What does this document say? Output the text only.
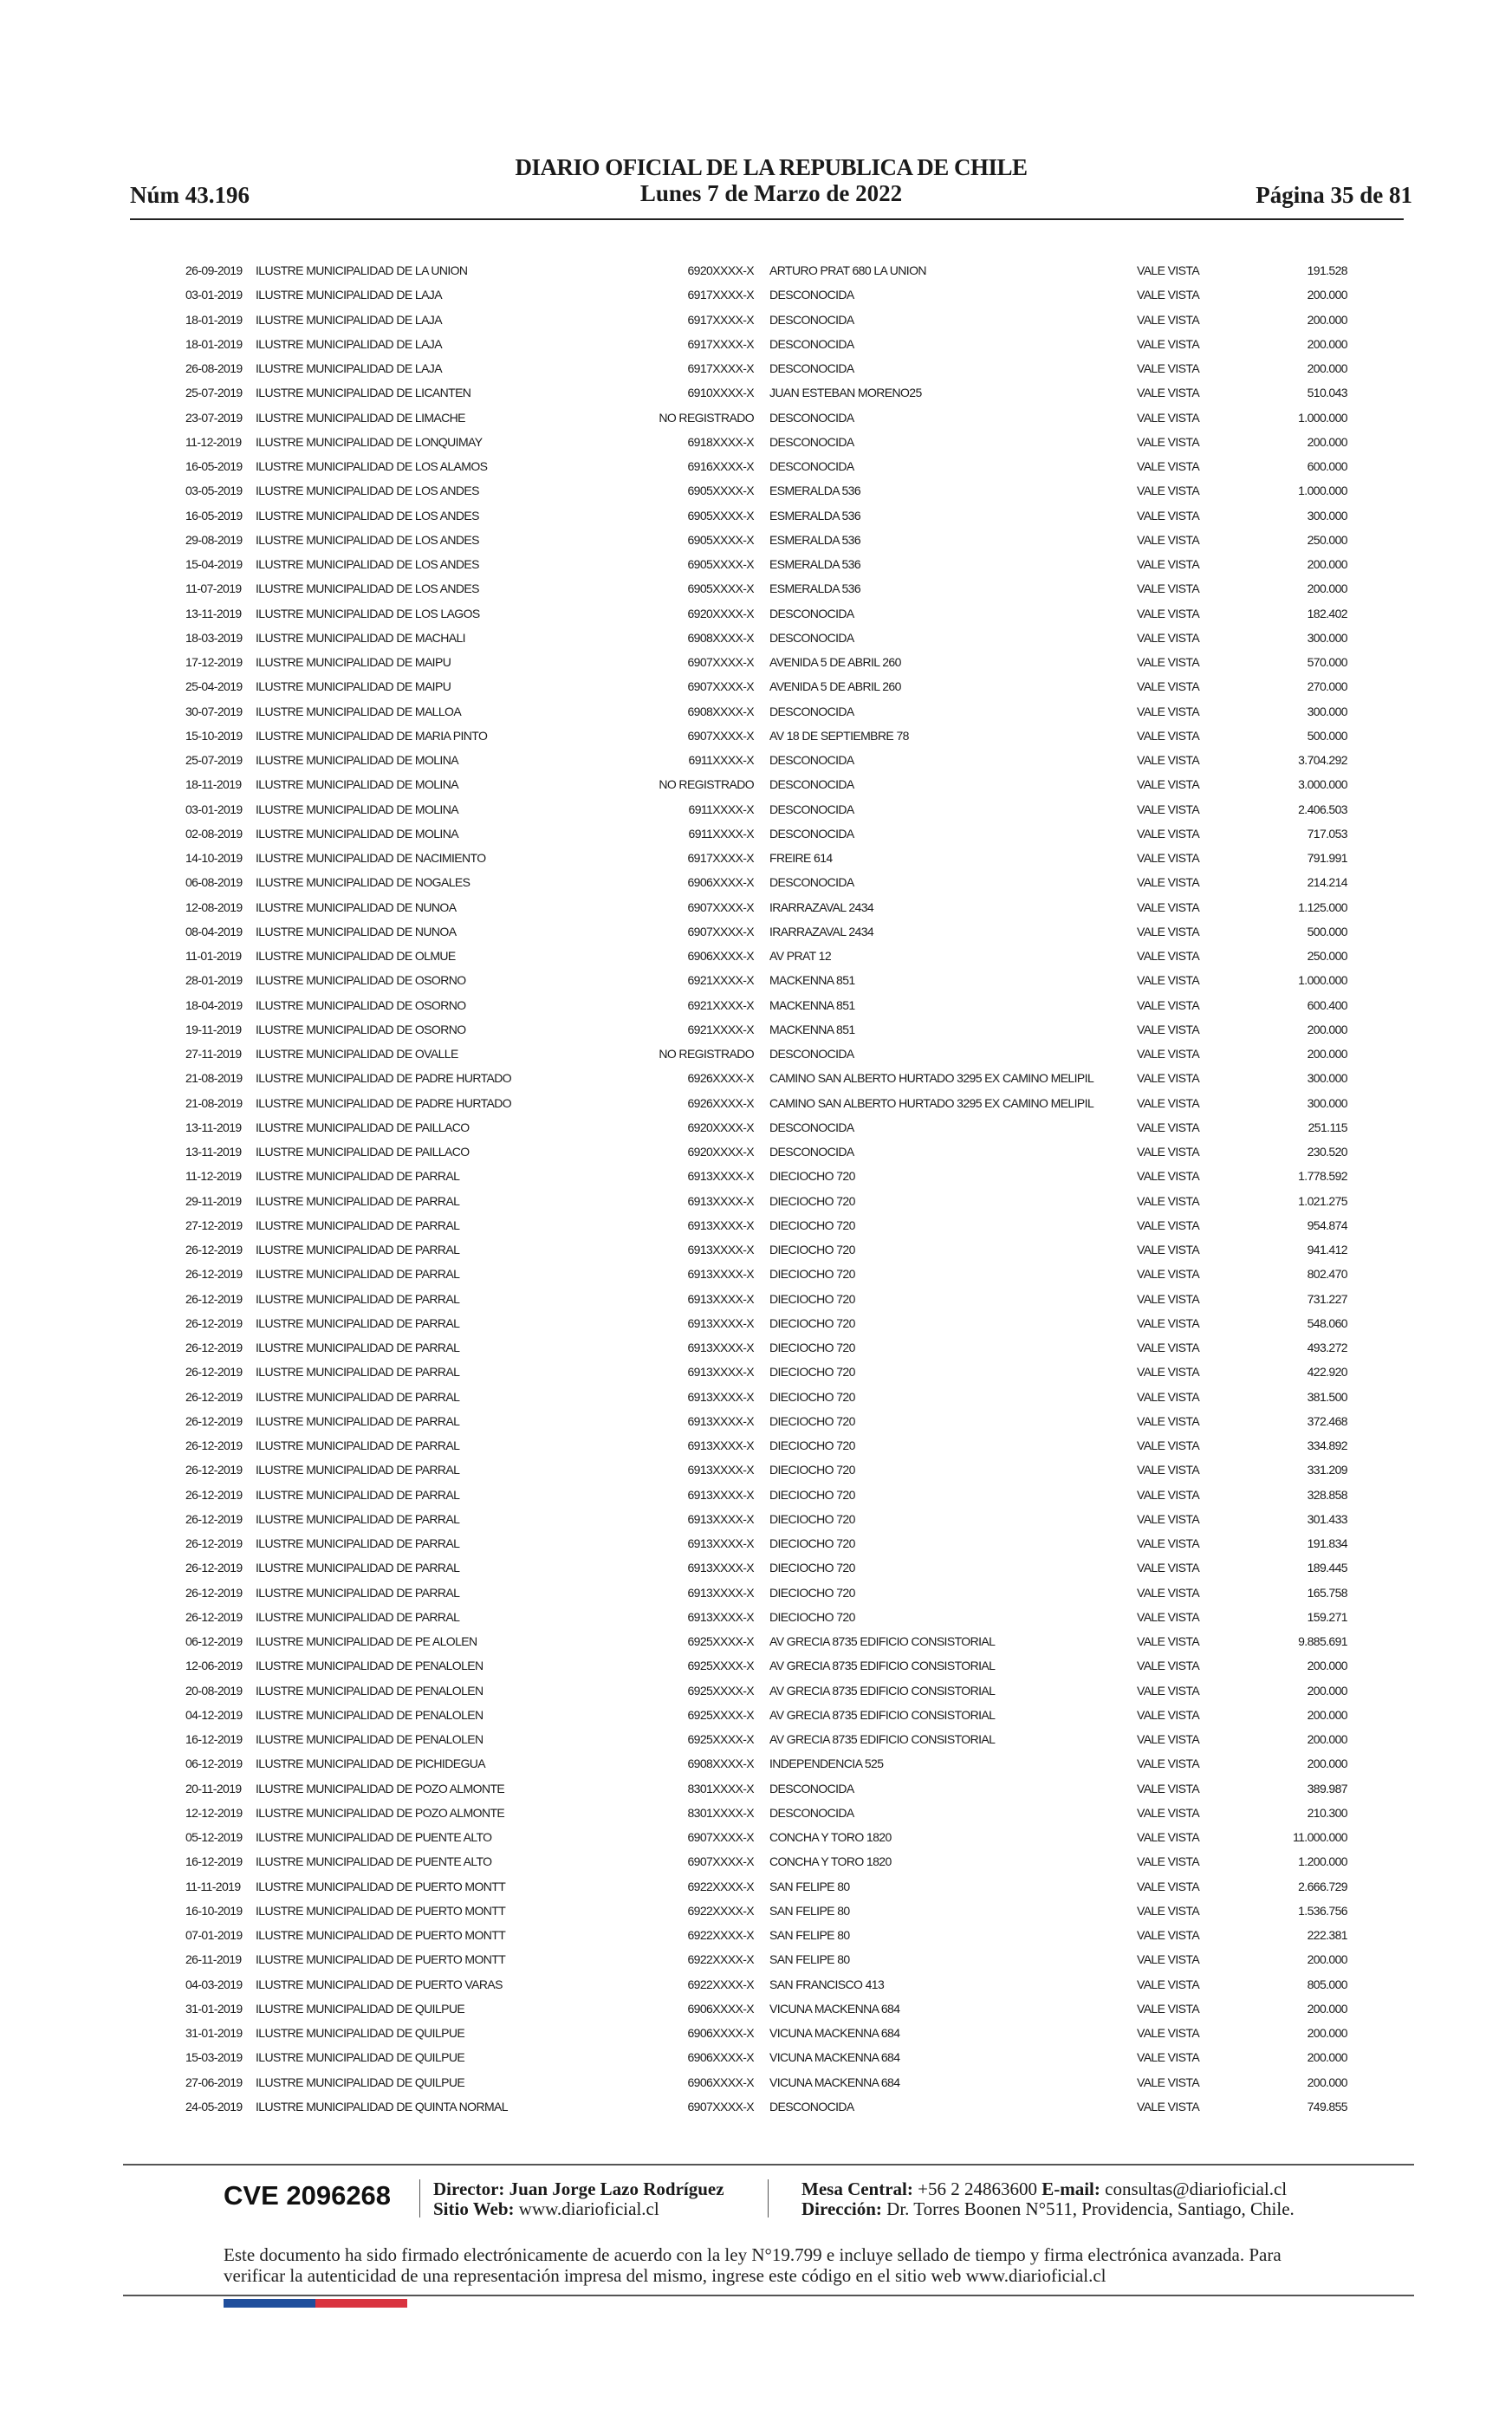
DIARIO OFICIAL DE LA REPUBLICA DE CHILE
Lunes 7 de Marzo de 2022
Núm 43.196	Página 35 de 81
26-09-2019 ILUSTRE MUNICIPALIDAD DE LA UNION	6920XXXX-X ARTURO PRAT 680 LA UNION	VALE VISTA	191.528
03-01-2019 ILUSTRE MUNICIPALIDAD DE LAJA	6917XXXX-X DESCONOCIDA	VALE VISTA	200.000
18-01-2019 ILUSTRE MUNICIPALIDAD DE LAJA	6917XXXX-X DESCONOCIDA	VALE VISTA	200.000
18-01-2019 ILUSTRE MUNICIPALIDAD DE LAJA	6917XXXX-X DESCONOCIDA	VALE VISTA	200.000
26-08-2019 ILUSTRE MUNICIPALIDAD DE LAJA	6917XXXX-X DESCONOCIDA	VALE VISTA	200.000
25-07-2019 ILUSTRE MUNICIPALIDAD DE LICANTEN	6910XXXX-X JUAN ESTEBAN MORENO25	VALE VISTA	510.043
23-07-2019 ILUSTRE MUNICIPALIDAD DE LIMACHE	NO REGISTRADO DESCONOCIDA	VALE VISTA	1.000.000
11-12-2019 ILUSTRE MUNICIPALIDAD DE LONQUIMAY	6918XXXX-X DESCONOCIDA	VALE VISTA	200.000
16-05-2019 ILUSTRE MUNICIPALIDAD DE LOS ALAMOS	6916XXXX-X DESCONOCIDA	VALE VISTA	600.000
03-05-2019 ILUSTRE MUNICIPALIDAD DE LOS ANDES	6905XXXX-X ESMERALDA 536	VALE VISTA	1.000.000
16-05-2019 ILUSTRE MUNICIPALIDAD DE LOS ANDES	6905XXXX-X ESMERALDA 536	VALE VISTA	300.000
29-08-2019 ILUSTRE MUNICIPALIDAD DE LOS ANDES	6905XXXX-X ESMERALDA 536	VALE VISTA	250.000
15-04-2019 ILUSTRE MUNICIPALIDAD DE LOS ANDES	6905XXXX-X ESMERALDA 536	VALE VISTA	200.000
11-07-2019 ILUSTRE MUNICIPALIDAD DE LOS ANDES	6905XXXX-X ESMERALDA 536	VALE VISTA	200.000
13-11-2019 ILUSTRE MUNICIPALIDAD DE LOS LAGOS	6920XXXX-X DESCONOCIDA	VALE VISTA	182.402
18-03-2019 ILUSTRE MUNICIPALIDAD DE MACHALI	6908XXXX-X DESCONOCIDA	VALE VISTA	300.000
17-12-2019 ILUSTRE MUNICIPALIDAD DE MAIPU	6907XXXX-X AVENIDA 5 DE ABRIL 260	VALE VISTA	570.000
25-04-2019 ILUSTRE MUNICIPALIDAD DE MAIPU	6907XXXX-X AVENIDA 5 DE ABRIL 260	VALE VISTA	270.000
30-07-2019 ILUSTRE MUNICIPALIDAD DE MALLOA	6908XXXX-X DESCONOCIDA	VALE VISTA	300.000
15-10-2019 ILUSTRE MUNICIPALIDAD DE MARIA PINTO	6907XXXX-X AV 18 DE SEPTIEMBRE 78	VALE VISTA	500.000
25-07-2019 ILUSTRE MUNICIPALIDAD DE MOLINA	6911XXXX-X DESCONOCIDA	VALE VISTA	3.704.292
18-11-2019 ILUSTRE MUNICIPALIDAD DE MOLINA	NO REGISTRADO DESCONOCIDA	VALE VISTA	3.000.000
03-01-2019 ILUSTRE MUNICIPALIDAD DE MOLINA	6911XXXX-X DESCONOCIDA	VALE VISTA	2.406.503
02-08-2019 ILUSTRE MUNICIPALIDAD DE MOLINA	6911XXXX-X DESCONOCIDA	VALE VISTA	717.053
14-10-2019 ILUSTRE MUNICIPALIDAD DE NACIMIENTO	6917XXXX-X FREIRE 614	VALE VISTA	791.991
06-08-2019 ILUSTRE MUNICIPALIDAD DE NOGALES	6906XXXX-X DESCONOCIDA	VALE VISTA	214.214
12-08-2019 ILUSTRE MUNICIPALIDAD DE NUNOA	6907XXXX-X IRARRAZAVAL 2434	VALE VISTA	1.125.000
08-04-2019 ILUSTRE MUNICIPALIDAD DE NUNOA	6907XXXX-X IRARRAZAVAL 2434	VALE VISTA	500.000
11-01-2019 ILUSTRE MUNICIPALIDAD DE OLMUE	6906XXXX-X AV PRAT 12	VALE VISTA	250.000
28-01-2019 ILUSTRE MUNICIPALIDAD DE OSORNO	6921XXXX-X MACKENNA 851	VALE VISTA	1.000.000
18-04-2019 ILUSTRE MUNICIPALIDAD DE OSORNO	6921XXXX-X MACKENNA 851	VALE VISTA	600.400
19-11-2019 ILUSTRE MUNICIPALIDAD DE OSORNO	6921XXXX-X MACKENNA 851	VALE VISTA	200.000
27-11-2019 ILUSTRE MUNICIPALIDAD DE OVALLE	NO REGISTRADO DESCONOCIDA	VALE VISTA	200.000
21-08-2019 ILUSTRE MUNICIPALIDAD DE PADRE HURTADO	6926XXXX-X CAMINO SAN ALBERTO HURTADO 3295 EX CAMINO MELIPIL	VALE VISTA	300.000
21-08-2019 ILUSTRE MUNICIPALIDAD DE PADRE HURTADO	6926XXXX-X CAMINO SAN ALBERTO HURTADO 3295 EX CAMINO MELIPIL	VALE VISTA	300.000
13-11-2019 ILUSTRE MUNICIPALIDAD DE PAILLACO	6920XXXX-X DESCONOCIDA	VALE VISTA	251.115
13-11-2019 ILUSTRE MUNICIPALIDAD DE PAILLACO	6920XXXX-X DESCONOCIDA	VALE VISTA	230.520
11-12-2019 ILUSTRE MUNICIPALIDAD DE PARRAL	6913XXXX-X DIECIOCHO 720	VALE VISTA	1.778.592
29-11-2019 ILUSTRE MUNICIPALIDAD DE PARRAL	6913XXXX-X DIECIOCHO 720	VALE VISTA	1.021.275
27-12-2019 ILUSTRE MUNICIPALIDAD DE PARRAL	6913XXXX-X DIECIOCHO 720	VALE VISTA	954.874
26-12-2019 ILUSTRE MUNICIPALIDAD DE PARRAL	6913XXXX-X DIECIOCHO 720	VALE VISTA	941.412
26-12-2019 ILUSTRE MUNICIPALIDAD DE PARRAL	6913XXXX-X DIECIOCHO 720	VALE VISTA	802.470
26-12-2019 ILUSTRE MUNICIPALIDAD DE PARRAL	6913XXXX-X DIECIOCHO 720	VALE VISTA	731.227
26-12-2019 ILUSTRE MUNICIPALIDAD DE PARRAL	6913XXXX-X DIECIOCHO 720	VALE VISTA	548.060
26-12-2019 ILUSTRE MUNICIPALIDAD DE PARRAL	6913XXXX-X DIECIOCHO 720	VALE VISTA	493.272
26-12-2019 ILUSTRE MUNICIPALIDAD DE PARRAL	6913XXXX-X DIECIOCHO 720	VALE VISTA	422.920
26-12-2019 ILUSTRE MUNICIPALIDAD DE PARRAL	6913XXXX-X DIECIOCHO 720	VALE VISTA	381.500
26-12-2019 ILUSTRE MUNICIPALIDAD DE PARRAL	6913XXXX-X DIECIOCHO 720	VALE VISTA	372.468
26-12-2019 ILUSTRE MUNICIPALIDAD DE PARRAL	6913XXXX-X DIECIOCHO 720	VALE VISTA	334.892
26-12-2019 ILUSTRE MUNICIPALIDAD DE PARRAL	6913XXXX-X DIECIOCHO 720	VALE VISTA	331.209
26-12-2019 ILUSTRE MUNICIPALIDAD DE PARRAL	6913XXXX-X DIECIOCHO 720	VALE VISTA	328.858
26-12-2019 ILUSTRE MUNICIPALIDAD DE PARRAL	6913XXXX-X DIECIOCHO 720	VALE VISTA	301.433
26-12-2019 ILUSTRE MUNICIPALIDAD DE PARRAL	6913XXXX-X DIECIOCHO 720	VALE VISTA	191.834
26-12-2019 ILUSTRE MUNICIPALIDAD DE PARRAL	6913XXXX-X DIECIOCHO 720	VALE VISTA	189.445
26-12-2019 ILUSTRE MUNICIPALIDAD DE PARRAL	6913XXXX-X DIECIOCHO 720	VALE VISTA	165.758
26-12-2019 ILUSTRE MUNICIPALIDAD DE PARRAL	6913XXXX-X DIECIOCHO 720	VALE VISTA	159.271
06-12-2019 ILUSTRE MUNICIPALIDAD DE PE ALOLEN	6925XXXX-X AV GRECIA 8735 EDIFICIO CONSISTORIAL	VALE VISTA	9.885.691
12-06-2019 ILUSTRE MUNICIPALIDAD DE PENALOLEN	6925XXXX-X AV GRECIA 8735 EDIFICIO CONSISTORIAL	VALE VISTA	200.000
20-08-2019 ILUSTRE MUNICIPALIDAD DE PENALOLEN	6925XXXX-X AV GRECIA 8735 EDIFICIO CONSISTORIAL	VALE VISTA	200.000
04-12-2019 ILUSTRE MUNICIPALIDAD DE PENALOLEN	6925XXXX-X AV GRECIA 8735 EDIFICIO CONSISTORIAL	VALE VISTA	200.000
16-12-2019 ILUSTRE MUNICIPALIDAD DE PENALOLEN	6925XXXX-X AV GRECIA 8735 EDIFICIO CONSISTORIAL	VALE VISTA	200.000
06-12-2019 ILUSTRE MUNICIPALIDAD DE PICHIDEGUA	6908XXXX-X INDEPENDENCIA 525	VALE VISTA	200.000
20-11-2019 ILUSTRE MUNICIPALIDAD DE POZO ALMONTE	8301XXXX-X DESCONOCIDA	VALE VISTA	389.987
12-12-2019 ILUSTRE MUNICIPALIDAD DE POZO ALMONTE	8301XXXX-X DESCONOCIDA	VALE VISTA	210.300
05-12-2019 ILUSTRE MUNICIPALIDAD DE PUENTE ALTO	6907XXXX-X CONCHA Y TORO 1820	VALE VISTA	11.000.000
16-12-2019 ILUSTRE MUNICIPALIDAD DE PUENTE ALTO	6907XXXX-X CONCHA Y TORO 1820	VALE VISTA	1.200.000
11-11-2019 ILUSTRE MUNICIPALIDAD DE PUERTO MONTT	6922XXXX-X SAN FELIPE 80	VALE VISTA	2.666.729
16-10-2019 ILUSTRE MUNICIPALIDAD DE PUERTO MONTT	6922XXXX-X SAN FELIPE 80	VALE VISTA	1.536.756
07-01-2019 ILUSTRE MUNICIPALIDAD DE PUERTO MONTT	6922XXXX-X SAN FELIPE 80	VALE VISTA	222.381
26-11-2019 ILUSTRE MUNICIPALIDAD DE PUERTO MONTT	6922XXXX-X SAN FELIPE 80	VALE VISTA	200.000
04-03-2019 ILUSTRE MUNICIPALIDAD DE PUERTO VARAS	6922XXXX-X SAN FRANCISCO 413	VALE VISTA	805.000
31-01-2019 ILUSTRE MUNICIPALIDAD DE QUILPUE	6906XXXX-X VICUNA MACKENNA 684	VALE VISTA	200.000
31-01-2019 ILUSTRE MUNICIPALIDAD DE QUILPUE	6906XXXX-X VICUNA MACKENNA 684	VALE VISTA	200.000
15-03-2019 ILUSTRE MUNICIPALIDAD DE QUILPUE	6906XXXX-X VICUNA MACKENNA 684	VALE VISTA	200.000
27-06-2019 ILUSTRE MUNICIPALIDAD DE QUILPUE	6906XXXX-X VICUNA MACKENNA 684	VALE VISTA	200.000
24-05-2019 ILUSTRE MUNICIPALIDAD DE QUINTA NORMAL	6907XXXX-X DESCONOCIDA	VALE VISTA	749.855
CVE 2096268 Director: Juan Jorge Lazo Rodríguez
Sitio Web: www.diarioficial.cl
Mesa Central: +56 2 24863600 E-mail: consultas@diarioficial.cl
Dirección: Dr. Torres Boonen N°511, Providencia, Santiago, Chile.
Este documento ha sido firmado electrónicamente de acuerdo con la ley N°19.799 e incluye sellado de tiempo y firma electrónica avanzada. Para verificar la autenticidad de una representación impresa del mismo, ingrese este código en el sitio web www.diarioficial.cl
